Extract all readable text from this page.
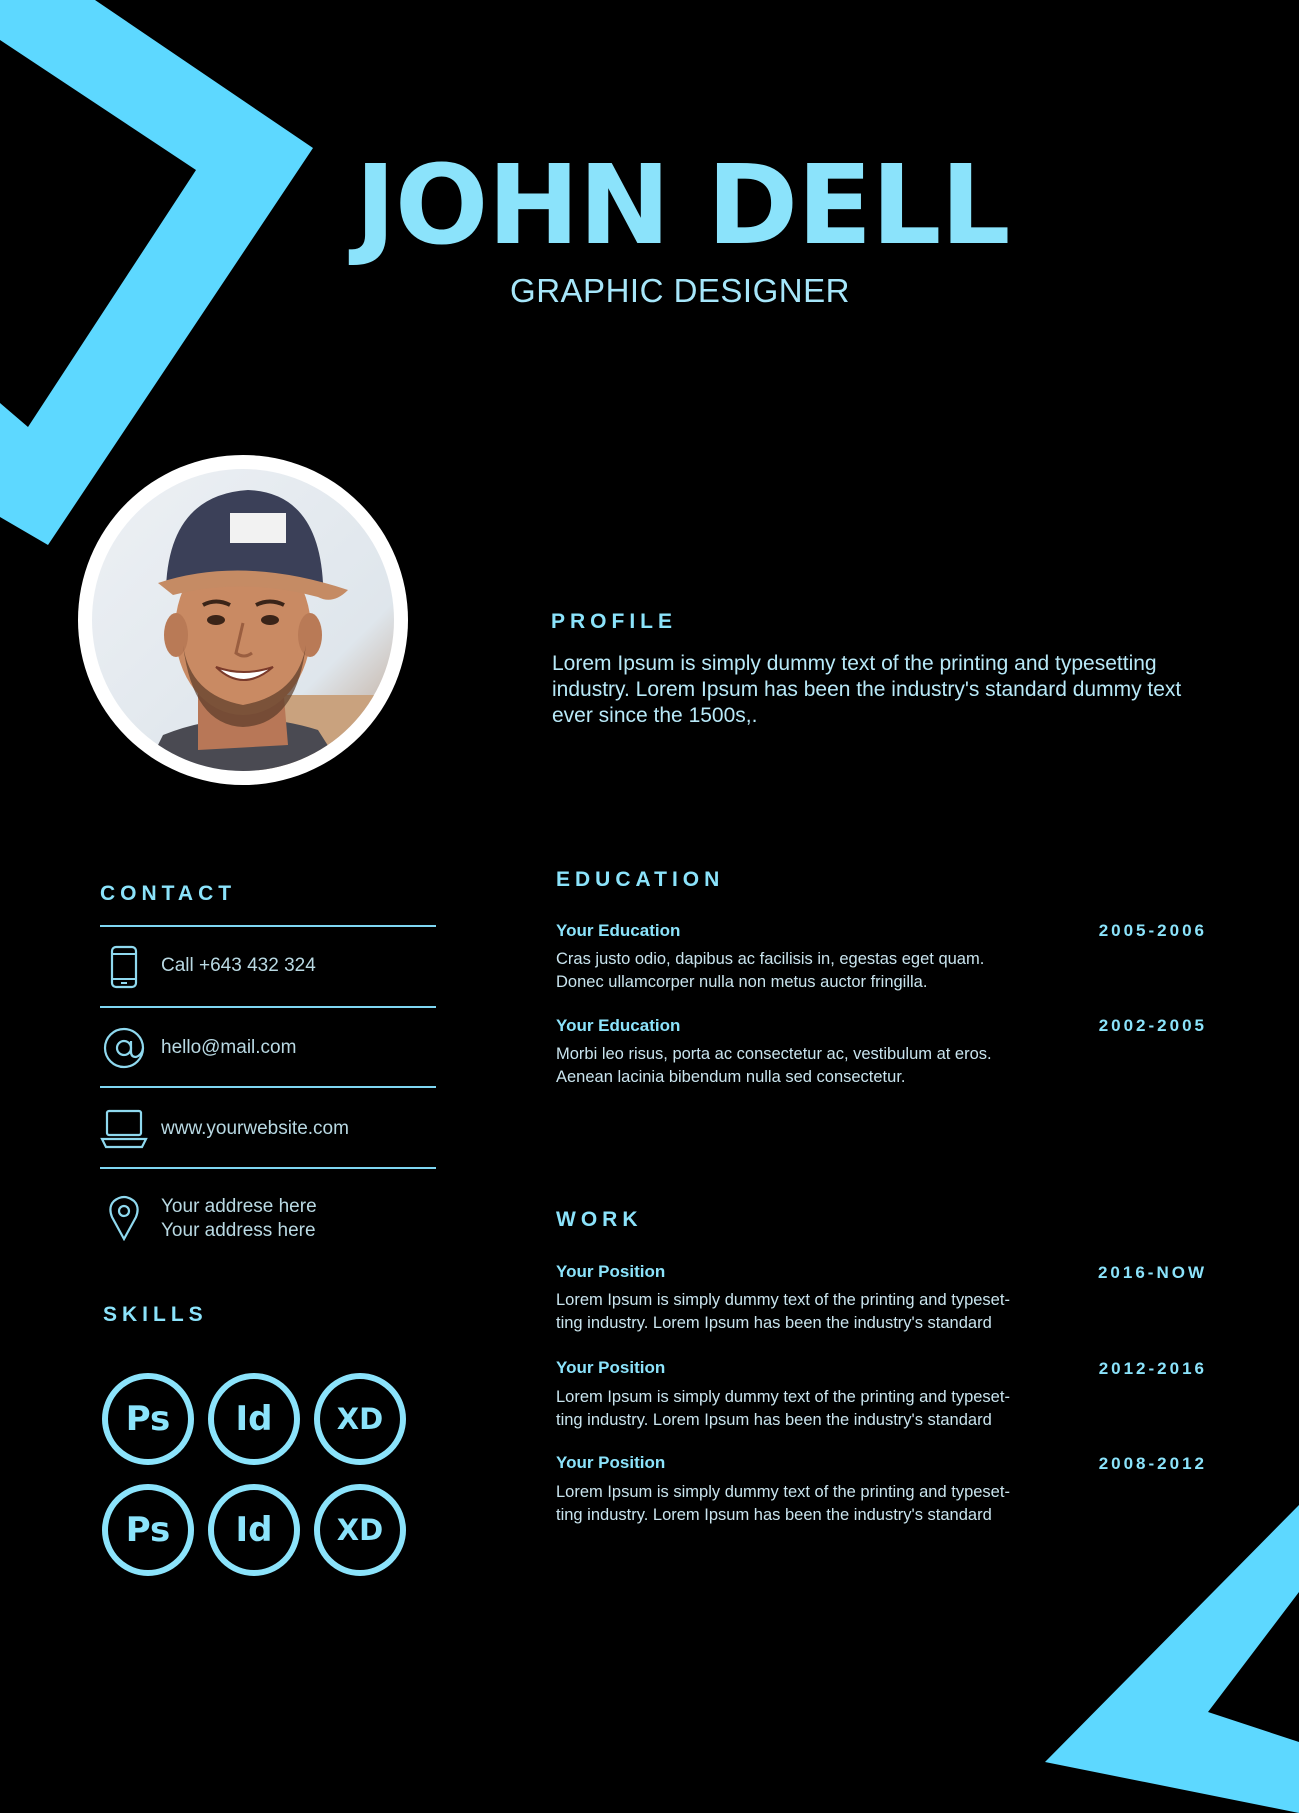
JOHN DELL
GRAPHIC DESIGNER
PROFILE
Lorem Ipsum is simply dummy text of the printing and typesetting industry. Lorem Ipsum has been the industry's standard dummy text ever since the 1500s,.
CONTACT
Call +643 432 324
hello@mail.com
www.yourwebsite.com
Your addrese here
Your address here
SKILLS
Ps	Id	XD
Ps	Id	XD
EDUCATION
Your Education	2005-2006
Cras justo odio, dapibus ac facilisis in, egestas eget quam.
Donec ullamcorper nulla non metus auctor fringilla.
Your Education	2002-2005
Morbi leo risus, porta ac consectetur ac, vestibulum at eros.
Aenean lacinia bibendum nulla sed consectetur.
WORK
Your Position	2016-NOW
Lorem Ipsum is simply dummy text of the printing and typeset-
ting industry. Lorem Ipsum has been the industry's standard
Your Position	2012-2016
Lorem Ipsum is simply dummy text of the printing and typeset-
ting industry. Lorem Ipsum has been the industry's standard
Your Position	2008-2012
Lorem Ipsum is simply dummy text of the printing and typeset-
ting industry. Lorem Ipsum has been the industry's standard
